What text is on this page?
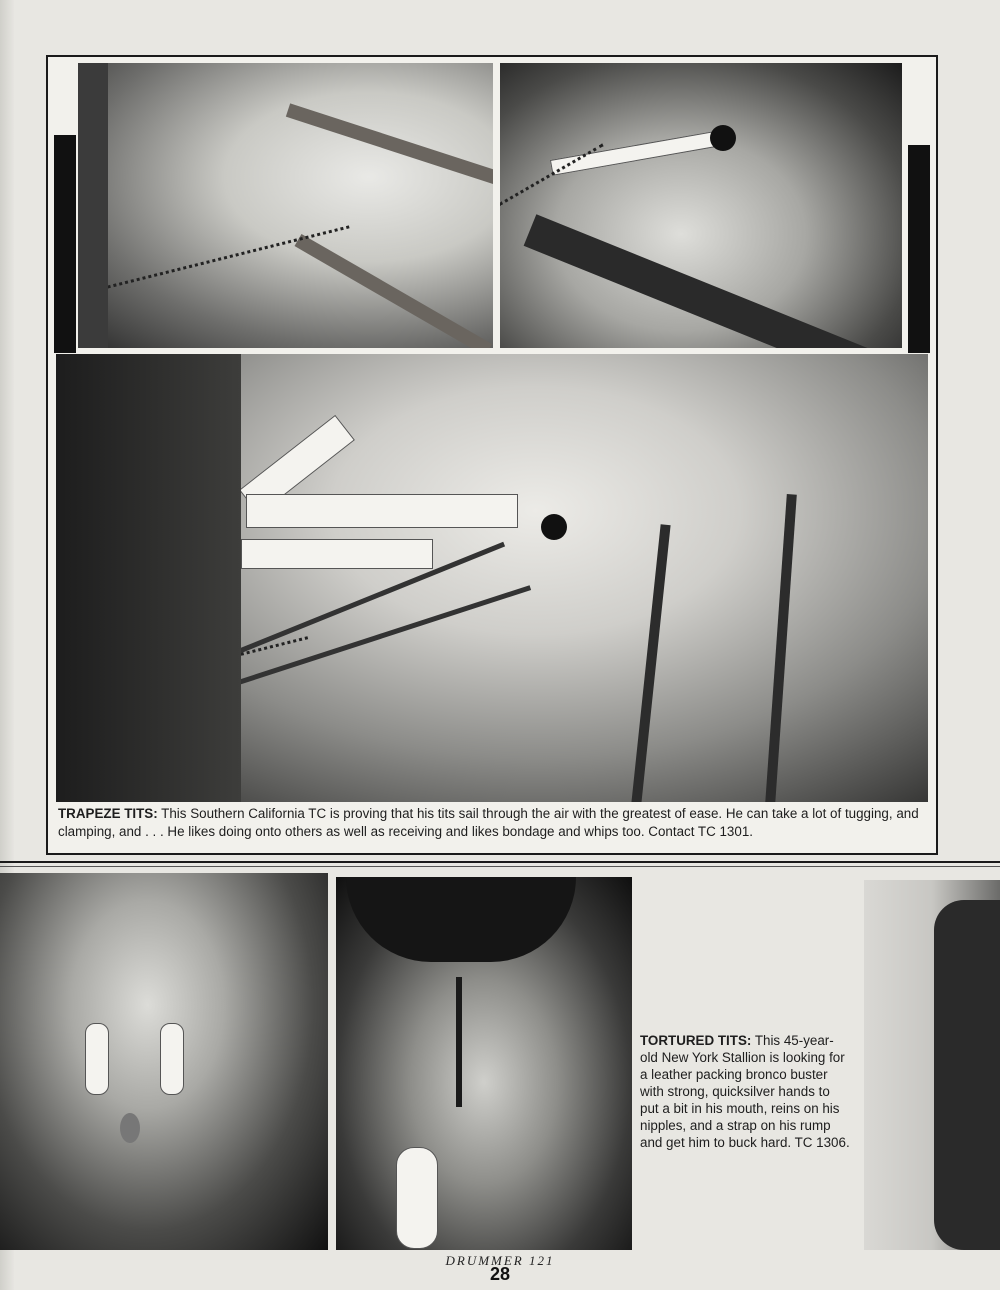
TRAPEZE TITS: This Southern California TC is proving that his tits sail through the air with the greatest of ease. He can take a lot of tugging, and clamping, and . . . He likes doing onto others as well as receiving and likes bondage and whips too. Contact TC 1301.
TORTURED TITS: This 45-year-old New York Stallion is looking for a leather packing bronco buster with strong, quicksilver hands to put a bit in his mouth, reins on his nipples, and a strap on his rump and get him to buck hard. TC 1306.
DRUMMER 121
28
